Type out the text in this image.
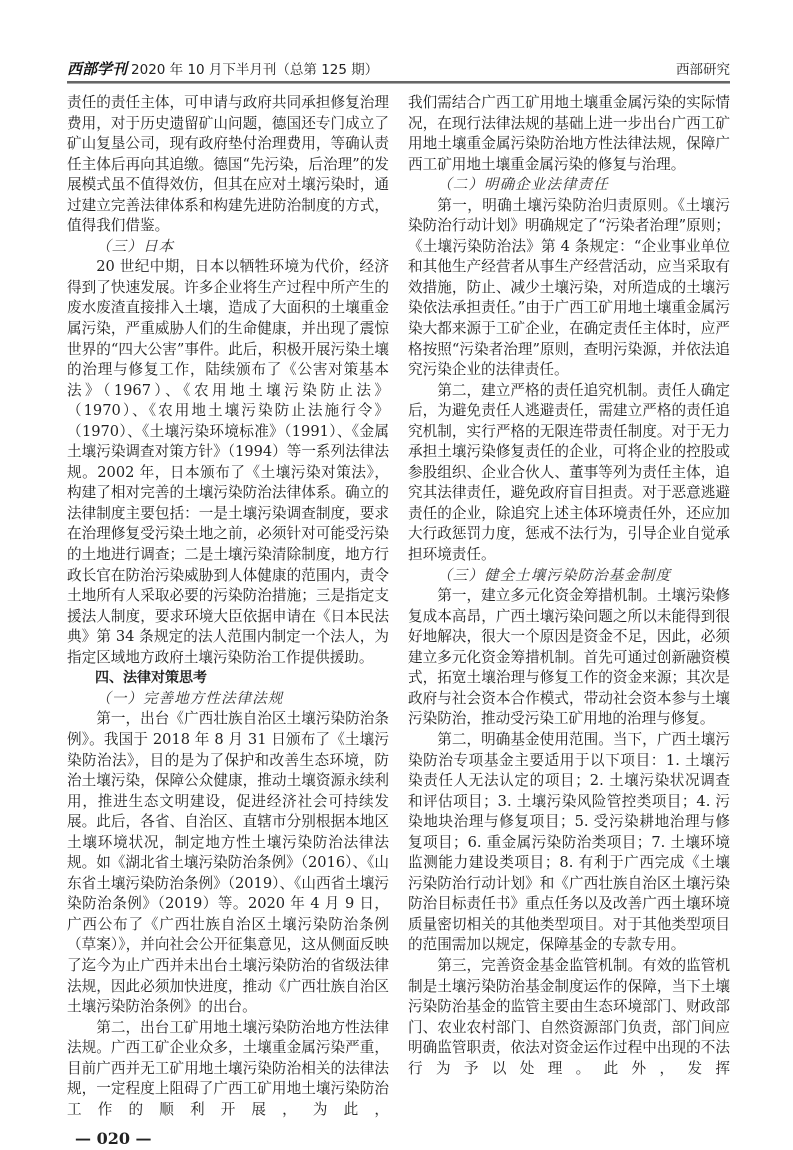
西部学刊 2020 年 10 月下半月刊（总第 125 期）	西部研究

责任的责任主体，可申请与政府共同承担修复治理费用，对于历史遗留矿山问题，德国还专门成立了矿山复垦公司，现有政府垫付治理费用，等确认责任主体后再向其追缴。德国“先污染，后治理”的发展模式虽不值得效仿，但其在应对土壤污染时，通过建立完善法律体系和构建先进防治制度的方式，值得我们借鉴。

（三）日本

20 世纪中期，日本以牺牲环境为代价，经济得到了快速发展。许多企业将生产过程中所产生的废水废渣直接排入土壤，造成了大面积的土壤重金属污染，严重威胁人们的生命健康，并出现了震惊世界的“四大公害”事件。此后，积极开展污染土壤的治理与修复工作，陆续颁布了《公害对策基本法》（1967）、《农用地土壤污染防止法》（1970）、《农用地土壤污染防止法施行令》（1970）、《土壤污染环境标准》（1991）、《金属土壤污染调查对策方针》（1994）等一系列法律法规。2002 年，日本颁布了《土壤污染对策法》，构建了相对完善的土壤污染防治法律体系。确立的法律制度主要包括：一是土壤污染调查制度，要求在治理修复受污染土地之前，必须针对可能受污染的土地进行调查；二是土壤污染清除制度，地方行政长官在防治污染威胁到人体健康的范围内，责令土地所有人采取必要的污染防治措施；三是指定支援法人制度，要求环境大臣依据申请在《日本民法典》第 34 条规定的法人范围内制定一个法人，为指定区域地方政府土壤污染防治工作提供援助。

四、法律对策思考
（一）完善地方性法律法规

第一，出台《广西壮族自治区土壤污染防治条例》。我国于 2018 年 8 月 31 日颁布了《土壤污染防治法》，目的是为了保护和改善生态环境，防治土壤污染，保障公众健康，推动土壤资源永续利用，推进生态文明建设，促进经济社会可持续发展。此后，各省、自治区、直辖市分别根据本地区土壤环境状况，制定地方性土壤污染防治法律法规。如《湖北省土壤污染防治条例》（2016）、《山东省土壤污染防治条例》（2019）、《山西省土壤污染防治条例》（2019）等。2020 年 4 月 9 日，广西公布了《广西壮族自治区土壤污染防治条例（草案）》，并向社会公开征集意见，这从侧面反映了迄今为止广西并未出台土壤污染防治的省级法律法规，因此必须加快进度，推动《广西壮族自治区土壤污染防治条例》的出台。

第二，出台工矿用地土壤污染防治地方性法律法规。广西工矿企业众多，土壤重金属污染严重，目前广西并无工矿用地土壤污染防治相关的法律法规，一定程度上阻碍了广西工矿用地土壤污染防治工作的顺利开展，为此，

— 020 —

我们需结合广西工矿用地土壤重金属污染的实际情况，在现行法律法规的基础上进一步出台广西工矿用地土壤重金属污染防治地方性法律法规，保障广西工矿用地土壤重金属污染的修复与治理。

（二）明确企业法律责任

第一，明确土壤污染防治归责原则。《土壤污染防治行动计划》明确规定了“污染者治理”原则；《土壤污染防治法》第 4 条规定：“企业事业单位和其他生产经营者从事生产经营活动，应当采取有效措施，防止、减少土壤污染，对所造成的土壤污染依法承担责任。”由于广西工矿用地土壤重金属污染大都来源于工矿企业，在确定责任主体时，应严格按照“污染者治理”原则，查明污染源，并依法追究污染企业的法律责任。

第二，建立严格的责任追究机制。责任人确定后，为避免责任人逃避责任，需建立严格的责任追究机制，实行严格的无限连带责任制度。对于无力承担土壤污染修复责任的企业，可将企业的控股或参股组织、企业合伙人、董事等列为责任主体，追究其法律责任，避免政府盲目担责。对于恶意逃避责任的企业，除追究上述主体环境责任外，还应加大行政惩罚力度，惩戒不法行为，引导企业自觉承担环境责任。

（三）健全土壤污染防治基金制度

第一，建立多元化资金筹措机制。土壤污染修复成本高昂，广西土壤污染问题之所以未能得到很好地解决，很大一个原因是资金不足，因此，必须建立多元化资金筹措机制。首先可通过创新融资模式，拓宽土壤治理与修复工作的资金来源；其次是政府与社会资本合作模式，带动社会资本参与土壤污染防治，推动受污染工矿用地的治理与修复。

第二，明确基金使用范围。当下，广西土壤污染防治专项基金主要适用于以下项目：1. 土壤污染责任人无法认定的项目；2. 土壤污染状况调查和评估项目；3. 土壤污染风险管控类项目；4. 污染地块治理与修复项目；5. 受污染耕地治理与修复项目；6. 重金属污染防治类项目；7. 土壤环境监测能力建设类项目；8. 有利于广西完成《土壤污染防治行动计划》和《广西壮族自治区土壤污染防治目标责任书》重点任务以及改善广西土壤环境质量密切相关的其他类型项目。对于其他类型项目的范围需加以规定，保障基金的专款专用。

第三，完善资金基金监管机制。有效的监管机制是土壤污染防治基金制度运作的保障，当下土壤污染防治基金的监管主要由生态环境部门、财政部门、农业农村部门、自然资源部门负责，部门间应明确监管职责，依法对资金运作过程中出现的不法行为予以处理。此外，发挥
